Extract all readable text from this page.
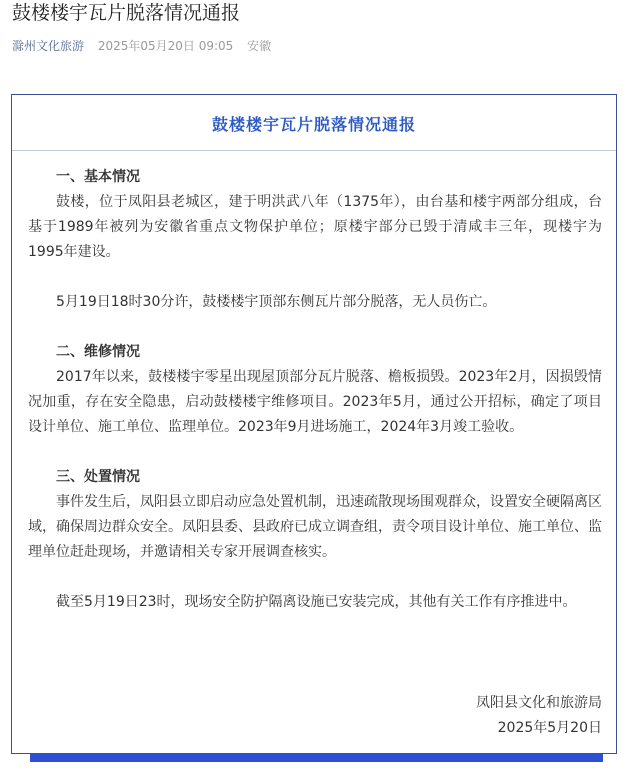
鼓楼楼宇瓦片脱落情况通报
滁州文化旅游 2025年05月20日 09:05 安徽
鼓楼楼宇瓦片脱落情况通报

一、基本情况

鼓楼，位于凤阳县老城区，建于明洪武八年（1375年），由台基和楼宇两部分组成，台基于1989年被列为安徽省重点文物保护单位；原楼宇部分已毁于清咸丰三年，现楼宇为1995年建设。

5月19日18时30分许，鼓楼楼宇顶部东侧瓦片部分脱落，无人员伤亡。

二、维修情况

2017年以来，鼓楼楼宇零星出现屋顶部分瓦片脱落、檐板损毁。2023年2月，因损毁情况加重，存在安全隐患，启动鼓楼楼宇维修项目。2023年5月，通过公开招标，确定了项目设计单位、施工单位、监理单位。2023年9月进场施工，2024年3月竣工验收。

三、处置情况

事件发生后，凤阳县立即启动应急处置机制，迅速疏散现场围观群众，设置安全硬隔离区域，确保周边群众安全。凤阳县委、县政府已成立调查组，责令项目设计单位、施工单位、监理单位赶赴现场，并邀请相关专家开展调查核实。

截至5月19日23时，现场安全防护隔离设施已安装完成，其他有关工作有序推进中。

凤阳县文化和旅游局
2025年5月20日
